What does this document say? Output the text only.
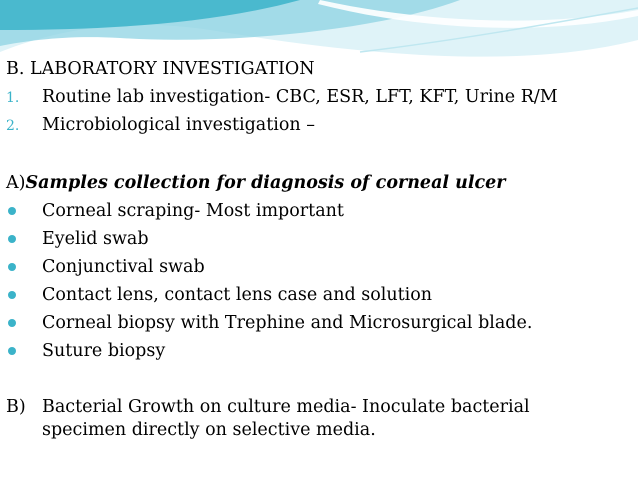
B. LABORATORY INVESTIGATION
1. Routine lab investigation- CBC, ESR, LFT, KFT, Urine R/M
2. Microbiological investigation –
A)Samples collection for diagnosis of corneal ulcer
Corneal scraping- Most important
Eyelid swab
Conjunctival swab
Contact lens, contact lens case and solution
Corneal biopsy with Trephine and Microsurgical blade.
Suture biopsy
B) Bacterial Growth on culture media- Inoculate bacterial
specimen directly on selective media.
